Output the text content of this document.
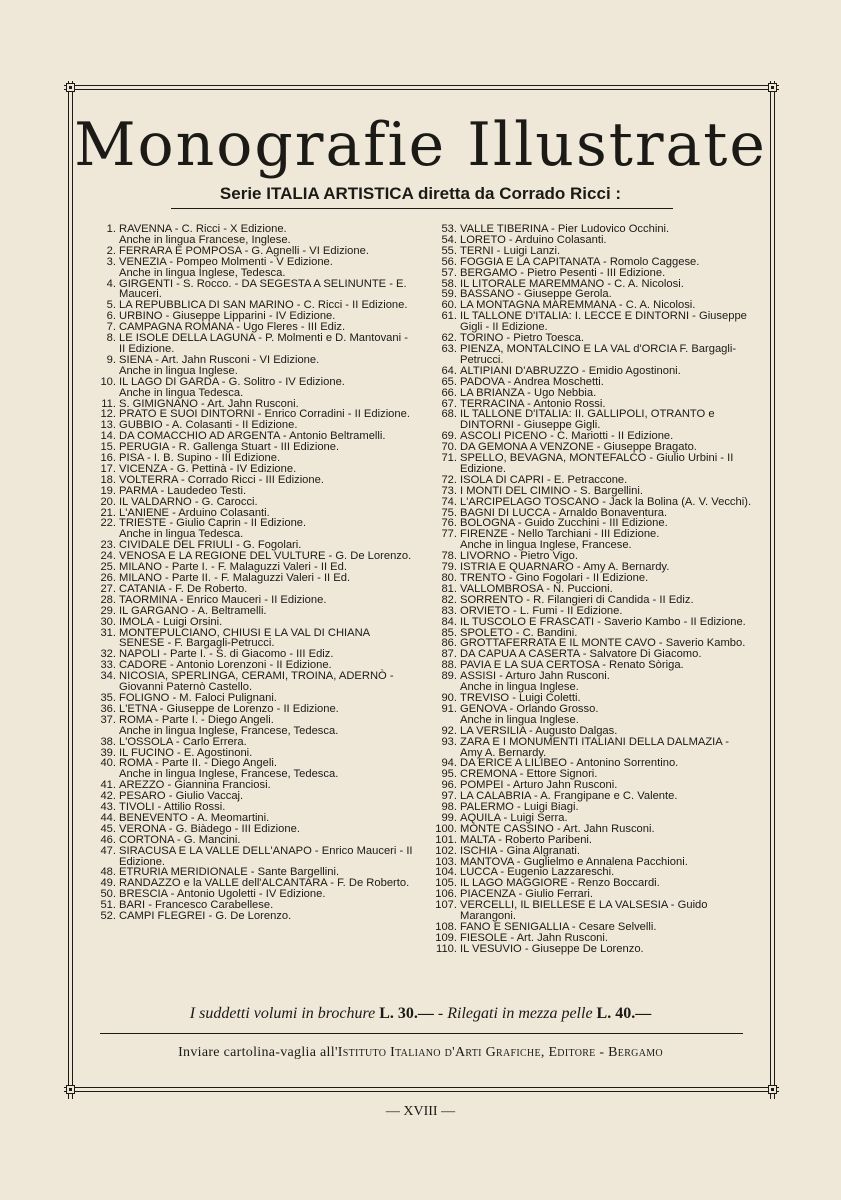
Monografie Illustrate
Serie ITALIA ARTISTICA diretta da Corrado Ricci :
1. RAVENNA - C. Ricci - X Edizione.
Anche in lingua Francese, Inglese.
2. FERRARA E POMPOSA - G. Agnelli - VI Edizione.
3. VENEZIA - Pompeo Molmenti - V Edizione.
Anche in lingua Inglese, Tedesca.
4. GIRGENTI - S. Rocco. - DA SEGESTA A SELINUNTE - E. Mauceri.
5. LA REPUBBLICA DI SAN MARINO - C. Ricci - II Edizione.
6. URBINO - Giuseppe Lipparini - IV Edizione.
7. CAMPAGNA ROMANA - Ugo Fleres - III Ediz.
8. LE ISOLE DELLA LAGUNA - P. Molmenti e D. Mantovani - II Edizione.
9. SIENA - Art. Jahn Rusconi - VI Edizione.
Anche in lingua Inglese.
10. IL LAGO DI GARDA - G. Solitro - IV Edizione.
Anche in lingua Tedesca.
11. S. GIMIGNANO - Art. Jahn Rusconi.
12. PRATO E SUOI DINTORNI - Enrico Corradini - II Edizione.
13. GUBBIO - A. Colasanti - II Edizione.
14. DA COMACCHIO AD ARGENTA - Antonio Beltramelli.
15. PERUGIA - R. Gallenga Stuart - III Edizione.
16. PISA - I. B. Supino - III Edizione.
17. VICENZA - G. Pettinà - IV Edizione.
18. VOLTERRA - Corrado Ricci - III Edizione.
19. PARMA - Laudedeo Testi.
20. IL VALDARNO - G. Carocci.
21. L'ANIENE - Arduino Colasanti.
22. TRIESTE - Giulio Caprin - II Edizione.
Anche in lingua Tedesca.
23. CIVIDALE DEL FRIULI - G. Fogolari.
24. VENOSA E LA REGIONE DEL VULTURE - G. De Lorenzo.
25. MILANO - Parte I. - F. Malaguzzi Valeri - II Ed.
26. MILANO - Parte II. - F. Malaguzzi Valeri - II Ed.
27. CATANIA - F. De Roberto.
28. TAORMINA - Enrico Mauceri - II Edizione.
29. IL GARGANO - A. Beltramelli.
30. IMOLA - Luigi Orsini.
31. MONTEPULCIANO, CHIUSI E LA VAL DI CHIANA SENESE - F. Bargagli-Petrucci.
32. NAPOLI - Parte I. - S. di Giacomo - III Ediz.
33. CADORE - Antonio Lorenzoni - II Edizione.
34. NICOSIA, SPERLINGA, CERAMI, TROINA, ADERNÒ - Giovanni Paternò Castello.
35. FOLIGNO - M. Faloci Pulignani.
36. L'ETNA - Giuseppe de Lorenzo - II Edizione.
37. ROMA - Parte I. - Diego Angeli.
Anche in lingua Inglese, Francese, Tedesca.
38. L'OSSOLA - Carlo Errera.
39. IL FUCINO - E. Agostinoni.
40. ROMA - Parte II. - Diego Angeli.
Anche in lingua Inglese, Francese, Tedesca.
41. AREZZO - Giannina Franciosi.
42. PESARO - Giulio Vaccaj.
43. TIVOLI - Attilio Rossi.
44. BENEVENTO - A. Meomartini.
45. VERONA - G. Biàdego - III Edizione.
46. CORTONA - G. Mancini.
47. SIRACUSA E LA VALLE DELL'ANAPO - Enrico Mauceri - II Edizione.
48. ETRURIA MERIDIONALE - Sante Bargellini.
49. RANDAZZO e la VALLE dell'ALCANTARA - F. De Roberto.
50. BRESCIA - Antonio Ugoletti - IV Edizione.
51. BARI - Francesco Carabellese.
52. CAMPI FLEGREI - G. De Lorenzo.
53. VALLE TIBERINA - Pier Ludovico Occhini.
54. LORETO - Arduino Colasanti.
55. TERNI - Luigi Lanzi.
56. FOGGIA E LA CAPITANATA - Romolo Caggese.
57. BERGAMO - Pietro Pesenti - III Edizione.
58. IL LITORALE MAREMMANO - C. A. Nicolosi.
59. BASSANO - Giuseppe Gerola.
60. LA MONTAGNA MAREMMANA - C. A. Nicolosi.
61. IL TALLONE D'ITALIA: I. LECCE E DINTORNI - Giuseppe Gigli - II Edizione.
62. TORINO - Pietro Toesca.
63. PIENZA, MONTALCINO E LA VAL d'ORCIA F. Bargagli-Petrucci.
64. ALTIPIANI D'ABRUZZO - Emidio Agostinoni.
65. PADOVA - Andrea Moschetti.
66. LA BRIANZA - Ugo Nebbia.
67. TERRACINA - Antonio Rossi.
68. IL TALLONE D'ITALIA: II. GALLIPOLI, OTRANTO e DINTORNI - Giuseppe Gigli.
69. ASCOLI PICENO - C. Mariotti - II Edizione.
70. DA GEMONA A VENZONE - Giuseppe Bragato.
71. SPELLO, BEVAGNA, MONTEFALCO - Giulio Urbini - II Edizione.
72. ISOLA DI CAPRI - E. Petraccone.
73. I MONTI DEL CIMINO - S. Bargellini.
74. L'ARCIPELAGO TOSCANO - Jack la Bolina (A. V. Vecchi).
75. BAGNI DI LUCCA - Arnaldo Bonaventura.
76. BOLOGNA - Guido Zucchini - III Edizione.
77. FIRENZE - Nello Tarchiani - III Edizione.
Anche in lingua Inglese, Francese.
78. LIVORNO - Pietro Vigo.
79. ISTRIA E QUARNARO - Amy A. Bernardy.
80. TRENTO - Gino Fogolari - II Edizione.
81. VALLOMBROSA - N. Puccioni.
82. SORRENTO - R. Filangieri di Candida - II Ediz.
83. ORVIETO - L. Fumi - II Edizione.
84. IL TUSCOLO E FRASCATI - Saverio Kambo - II Edizione.
85. SPOLETO - C. Bandini.
86. GROTTAFERRATA E IL MONTE CAVO - Saverio Kambo.
87. DA CAPUA A CASERTA - Salvatore Di Giacomo.
88. PAVIA E LA SUA CERTOSA - Renato Sòriga.
89. ASSISI - Arturo Jahn Rusconi.
Anche in lingua Inglese.
90. TREVISO - Luigi Coletti.
91. GENOVA - Orlando Grosso.
Anche in lingua Inglese.
92. LA VERSILIA - Augusto Dalgas.
93. ZARA E I MONUMENTI ITALIANI DELLA DALMAZIA - Amy A. Bernardy.
94. DA ERICE A LILIBEO - Antonino Sorrentino.
95. CREMONA - Ettore Signori.
96. POMPEI - Arturo Jahn Rusconi.
97. LA CALABRIA - A. Frangipane e C. Valente.
98. PALERMO - Luigi Biagi.
99. AQUILA - Luigi Serra.
100. MONTE CASSINO - Art. Jahn Rusconi.
101. MALTA - Roberto Paribeni.
102. ISCHIA - Gina Algranati.
103. MANTOVA - Guglielmo e Annalena Pacchioni.
104. LUCCA - Eugenio Lazzareschi.
105. IL LAGO MAGGIORE - Renzo Boccardi.
106. PIACENZA - Giulio Ferrari.
107. VERCELLI, IL BIELLESE E LA VALSESIA - Guido Marangoni.
108. FANO E SENIGALLIA - Cesare Selvelli.
109. FIESOLE - Art. Jahn Rusconi.
110. IL VESUVIO - Giuseppe De Lorenzo.
I suddetti volumi in brochure L. 30.— - Rilegati in mezza pelle L. 40.—
Inviare cartolina-vaglia all'Istituto Italiano d'Arti Grafiche, Editore - Bergamo
— XVIII —
